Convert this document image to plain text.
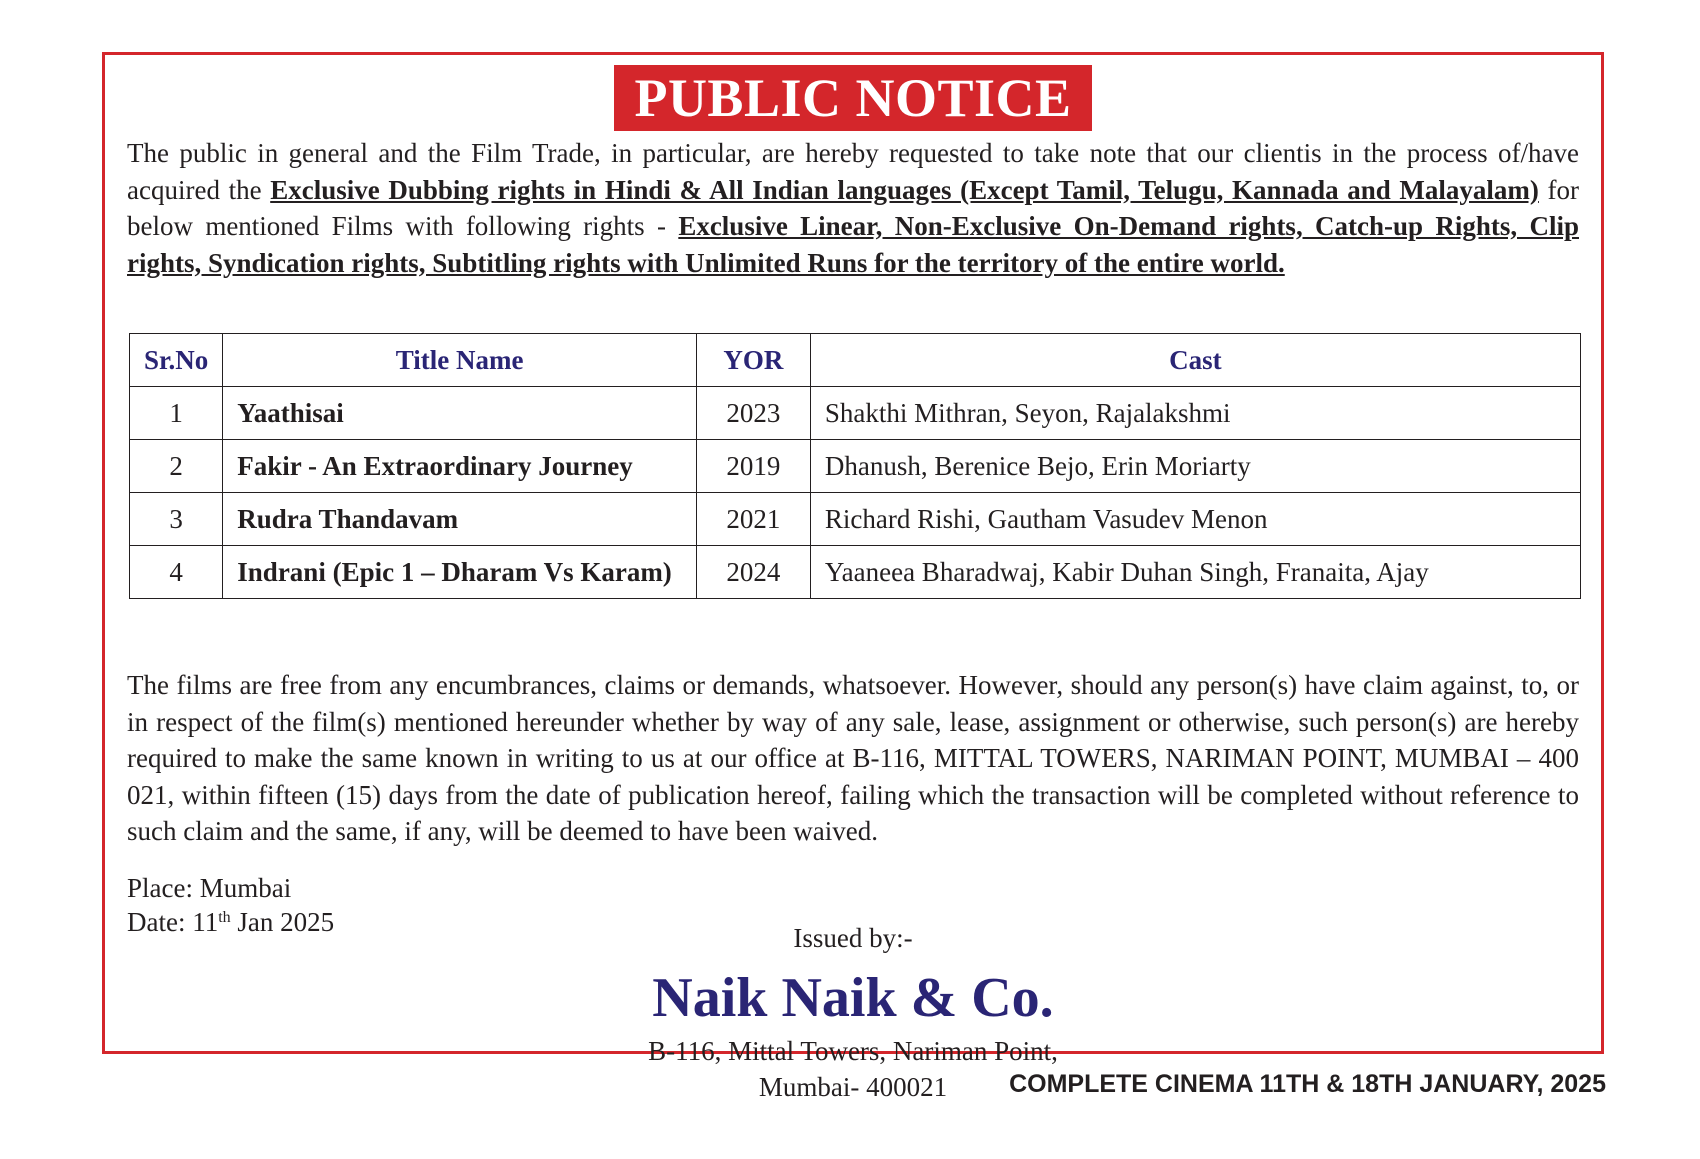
PUBLIC NOTICE

The public in general and the Film Trade, in particular, are hereby requested to take note that our clientis in the process of/have acquired the Exclusive Dubbing rights in Hindi & All Indian languages (Except Tamil, Telugu, Kannada and Malayalam) for below mentioned Films with following rights - Exclusive Linear, Non-Exclusive On-Demand rights, Catch-up Rights, Clip rights, Syndication rights, Subtitling rights with Unlimited Runs for the territory of the entire world.

Sr.No	Title Name	YOR	Cast
1	Yaathisai	2023	Shakthi Mithran, Seyon, Rajalakshmi
2	Fakir - An Extraordinary Journey	2019	Dhanush, Berenice Bejo, Erin Moriarty
3	Rudra Thandavam	2021	Richard Rishi, Gautham Vasudev Menon
4	Indrani (Epic 1 – Dharam Vs Karam)	2024	Yaaneea Bharadwaj, Kabir Duhan Singh, Franaita, Ajay

The films are free from any encumbrances, claims or demands, whatsoever. However, should any person(s) have claim against, to, or in respect of the film(s) mentioned hereunder whether by way of any sale, lease, assignment or otherwise, such person(s) are hereby required to make the same known in writing to us at our office at B-116, MITTAL TOWERS, NARIMAN POINT, MUMBAI – 400 021, within fifteen (15) days from the date of publication hereof, failing which the transaction will be completed without reference to such claim and the same, if any, will be deemed to have been waived.

Place: Mumbai
Date: 11th Jan 2025
Issued by:-
Naik Naik & Co.
B-116, Mittal Towers, Nariman Point,
Mumbai- 400021	COMPLETE CINEMA 11TH & 18TH JANUARY, 2025
